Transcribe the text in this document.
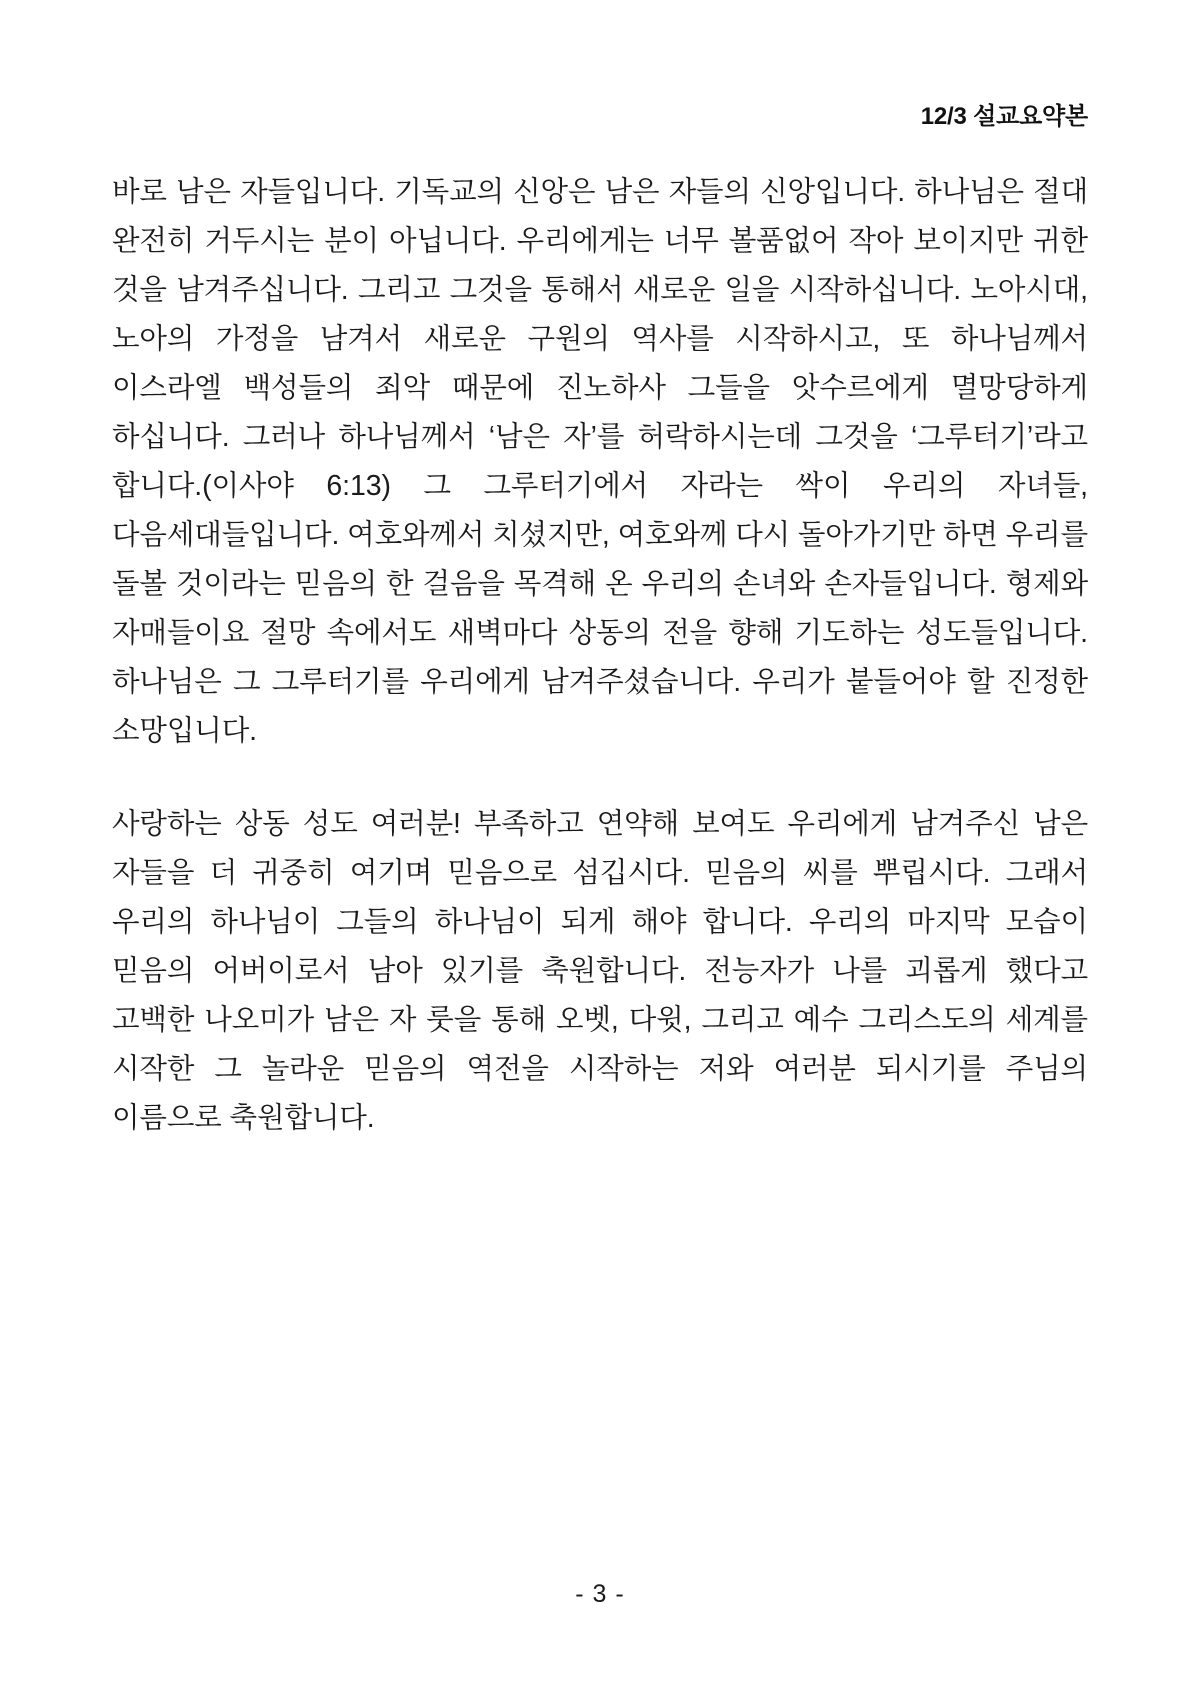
12/3 설교요약본

바로 남은 자들입니다. 기독교의 신앙은 남은 자들의 신앙입니다. 하나님은 절대 완전히 거두시는 분이 아닙니다. 우리에게는 너무 볼품없어 작아 보이지만 귀한 것을 남겨주십니다. 그리고 그것을 통해서 새로운 일을 시작하십니다. 노아시대, 노아의 가정을 남겨서 새로운 구원의 역사를 시작하시고, 또 하나님께서 이스라엘 백성들의 죄악 때문에 진노하사 그들을 앗수르에게 멸망당하게 하십니다. 그러나 하나님께서 ‘남은 자’를 허락하시는데 그것을 ‘그루터기’라고 합니다.(이사야 6:13) 그 그루터기에서 자라는 싹이 우리의 자녀들, 다음세대들입니다. 여호와께서 치셨지만, 여호와께 다시 돌아가기만 하면 우리를 돌볼 것이라는 믿음의 한 걸음을 목격해 온 우리의 손녀와 손자들입니다. 형제와 자매들이요 절망 속에서도 새벽마다 상동의 전을 향해 기도하는 성도들입니다. 하나님은 그 그루터기를 우리에게 남겨주셨습니다. 우리가 붙들어야 할 진정한 소망입니다.

사랑하는 상동 성도 여러분! 부족하고 연약해 보여도 우리에게 남겨주신 남은 자들을 더 귀중히 여기며 믿음으로 섬깁시다. 믿음의 씨를 뿌립시다. 그래서 우리의 하나님이 그들의 하나님이 되게 해야 합니다. 우리의 마지막 모습이 믿음의 어버이로서 남아 있기를 축원합니다. 전능자가 나를 괴롭게 했다고 고백한 나오미가 남은 자 룻을 통해 오벳, 다윗, 그리고 예수 그리스도의 세계를 시작한 그 놀라운 믿음의 역전을 시작하는 저와 여러분 되시기를 주님의 이름으로 축원합니다.

- 3 -
